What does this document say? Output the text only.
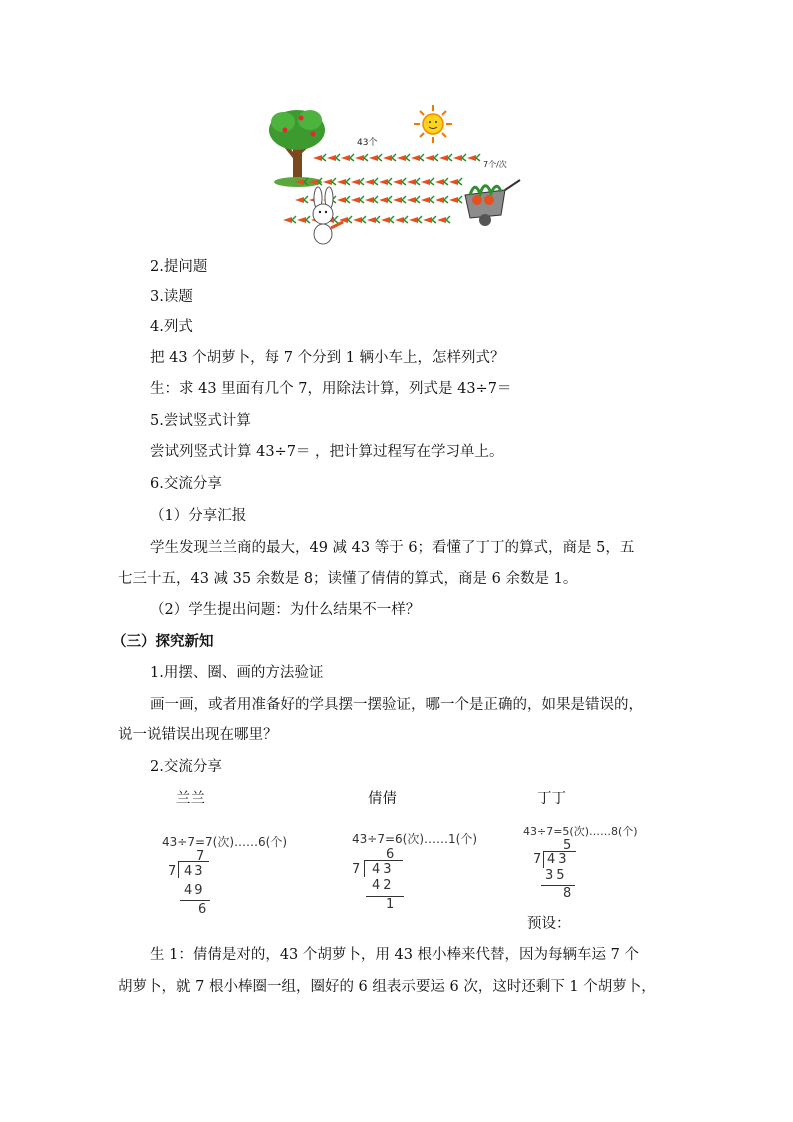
43个
7个/次
2.提问题
3.读题
4.列式
把 43 个胡萝卜，每 7 个分到 1 辆小车上，怎样列式？
生：求 43 里面有几个 7，用除法计算，列式是 43÷7＝
5.尝试竖式计算
尝试列竖式计算 43÷7＝ ，把计算过程写在学习单上。
6.交流分享
（1）分享汇报
学生发现兰兰商的最大，49 减 43 等于 6；看懂了丁丁的算式，商是 5，五
七三十五，43 减 35 余数是 8；读懂了倩倩的算式，商是 6 余数是 1。
（2）学生提出问题：为什么结果不一样？
（三）探究新知
1.用摆、圈、画的方法验证
画一画，或者用准备好的学具摆一摆验证，哪一个是正确的，如果是错误的，
说一说错误出现在哪里？
2.交流分享
兰兰	倩倩	丁丁
43÷7=7(次)……6(个)
7
7 43
49
6
43÷7=6(次)……1(个)
6
7 43
42
1
43÷7=5(次)……8(个)
5
7 43
35
8
预设：
生 1：倩倩是对的，43 个胡萝卜，用 43 根小棒来代替，因为每辆车运 7 个
胡萝卜，就 7 根小棒圈一组，圈好的 6 组表示要运 6 次，这时还剩下 1 个胡萝卜，
